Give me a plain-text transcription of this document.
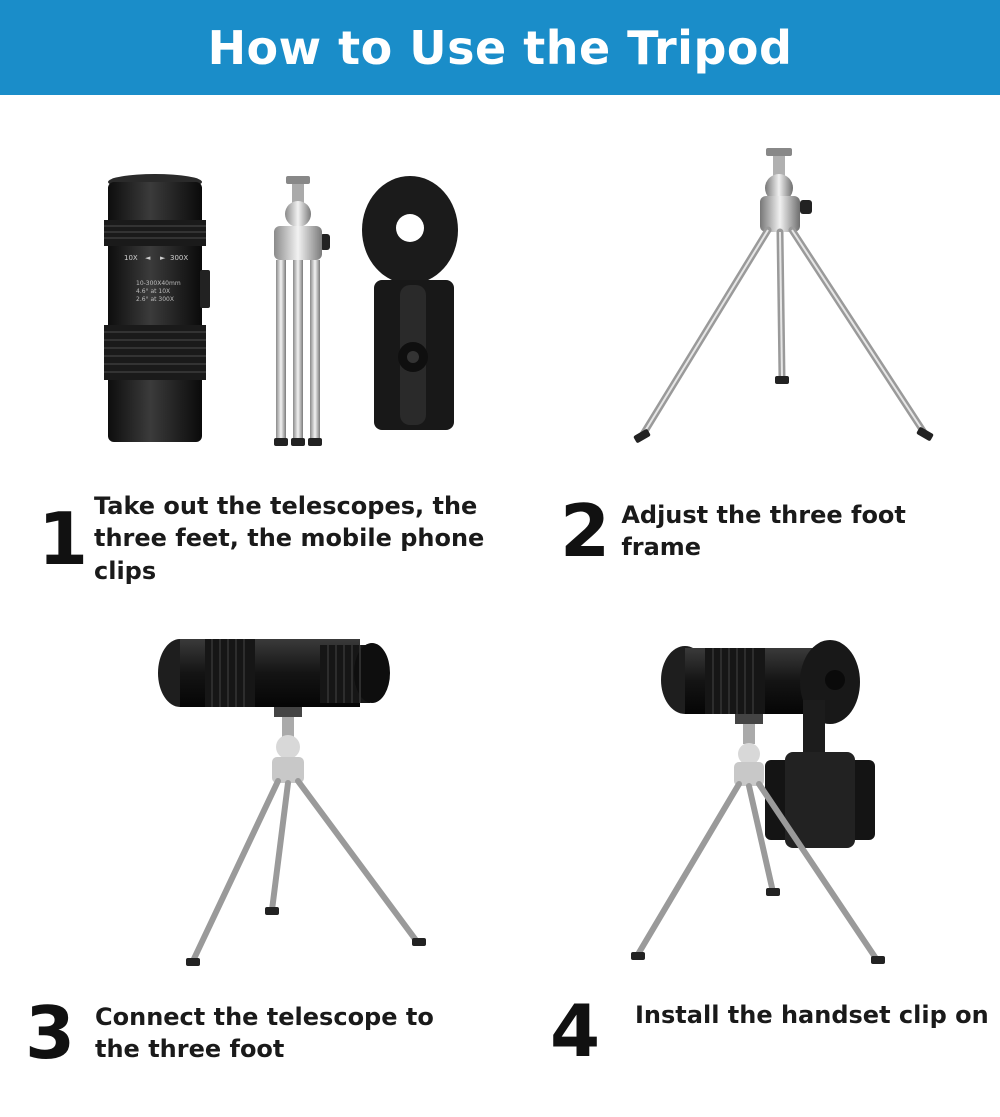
How to Use the Tripod
10X ◄ ► 300X
10-300X40mm
4.6° at 10X
2.6° at 300X
1 Take out the telescopes, the three feet, the mobile phone clips	2 Adjust the three foot frame
3 Connect the telescope to the three foot	4	Install the handset clip on
